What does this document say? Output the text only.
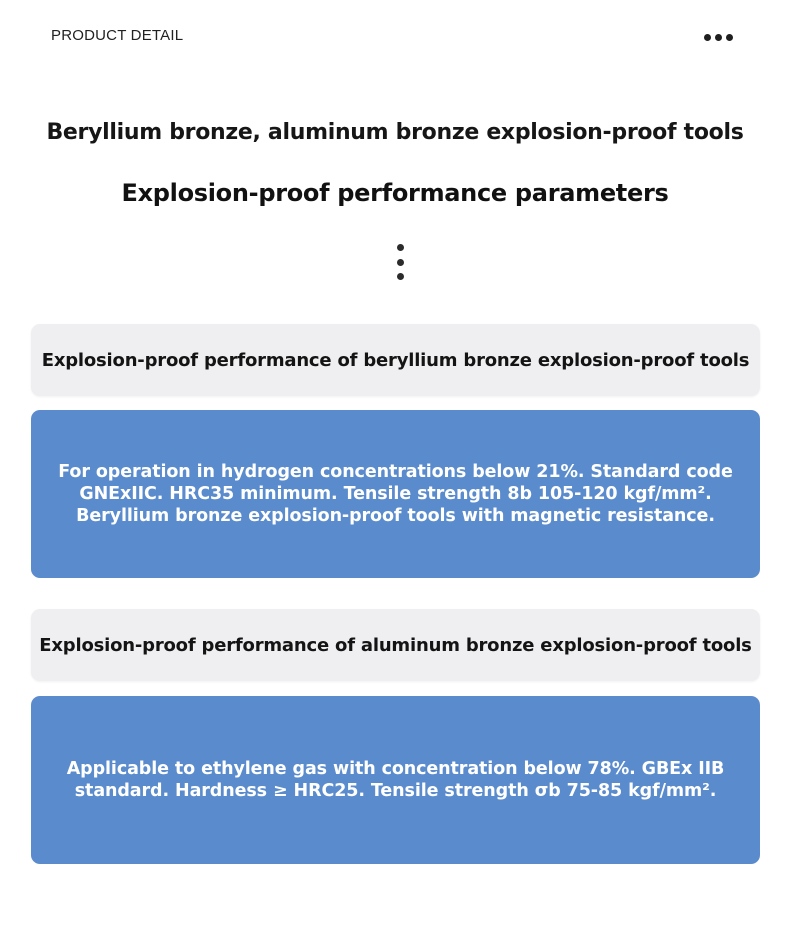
PRODUCT DETAIL
Beryllium bronze, aluminum bronze explosion-proof tools
Explosion-proof performance parameters
Explosion-proof performance of beryllium bronze explosion-proof tools
For operation in hydrogen concentrations below 21%. Standard code GNExIIC. HRC35 minimum. Tensile strength 8b 105-120 kgf/mm². Beryllium bronze explosion-proof tools with magnetic resistance.
Explosion-proof performance of aluminum bronze explosion-proof tools
Applicable to ethylene gas with concentration below 78%. GBEx IIB standard. Hardness ≥ HRC25. Tensile strength σb 75-85 kgf/mm².
